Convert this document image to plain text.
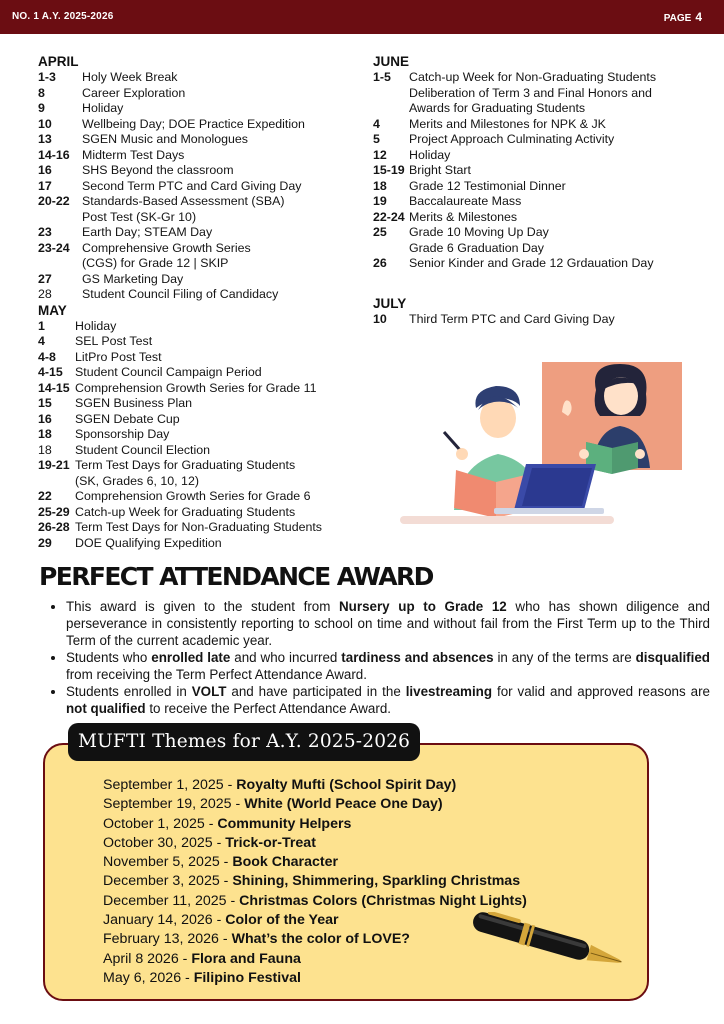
NO. 1 A.Y. 2025-2026	PAGE 4
APRIL
1-3	Holy Week Break
8	Career Exploration
9	Holiday
10	Wellbeing Day; DOE Practice Expedition
13	SGEN Music and Monologues
14-16 Midterm Test Days
16	SHS Beyond the classroom
17	Second Term PTC and Card Giving Day
20-22 Standards-Based Assessment (SBA)
Post Test (SK-Gr 10)
23	Earth Day; STEAM Day
23-24 Comprehensive Growth Series
(CGS) for Grade 12 | SKIP
27	GS Marketing Day
28	Student Council Filing of Candidacy
MAY
1	Holiday
4	SEL Post Test
4-8	LitPro Post Test
4-15 Student Council Campaign Period
14-15 Comprehension Growth Series for Grade 11
15	SGEN Business Plan
16	SGEN Debate Cup
18	Sponsorship Day
18	Student Council Election
19-21 Term Test Days for Graduating Students
(SK, Grades 6, 10, 12)
22	Comprehension Growth Series for Grade 6
25-29 Catch-up Week for Graduating Students
26-28 Term Test Days for Non-Graduating Students
29	DOE Qualifying Expedition
JUNE
1-5	Catch-up Week for Non-Graduating Students
Deliberation of Term 3 and Final Honors and
Awards for Graduating Students
4	Merits and Milestones for NPK & JK
5	Project Approach Culminating Activity
12	Holiday
15-19 Bright Start
18	Grade 12 Testimonial Dinner
19	Baccalaureate Mass
22-24 Merits & Milestones
25	Grade 10 Moving Up Day
Grade 6 Graduation Day
26	Senior Kinder and Grade 12 Grdauation Day
JULY
10	Third Term PTC and Card Giving Day
PERFECT ATTENDANCE AWARD
• This award is given to the student from Nursery up to Grade 12 who has shown diligence and perseverance in consistently reporting to school on time and without fail from the First Term up to the Third Term of the current academic year.
• Students who enrolled late and who incurred tardiness and absences in any of the terms are disqualified from receiving the Term Perfect Attendance Award.
• Students enrolled in VOLT and have participated in the livestreaming for valid and approved reasons are not qualified to receive the Perfect Attendance Award.
MUFTI Themes for A.Y. 2025-2026
September 1, 2025 - Royalty Mufti (School Spirit Day)
September 19, 2025 - White (World Peace One Day)
October 1, 2025 - Community Helpers
October 30, 2025 - Trick-or-Treat
November 5, 2025 - Book Character
December 3, 2025 - Shining, Shimmering, Sparkling Christmas
December 11, 2025 - Christmas Colors (Christmas Night Lights)
January 14, 2026 - Color of the Year
February 13, 2026 - What’s the color of LOVE?
April 8 2026 - Flora and Fauna
May 6, 2026 - Filipino Festival
